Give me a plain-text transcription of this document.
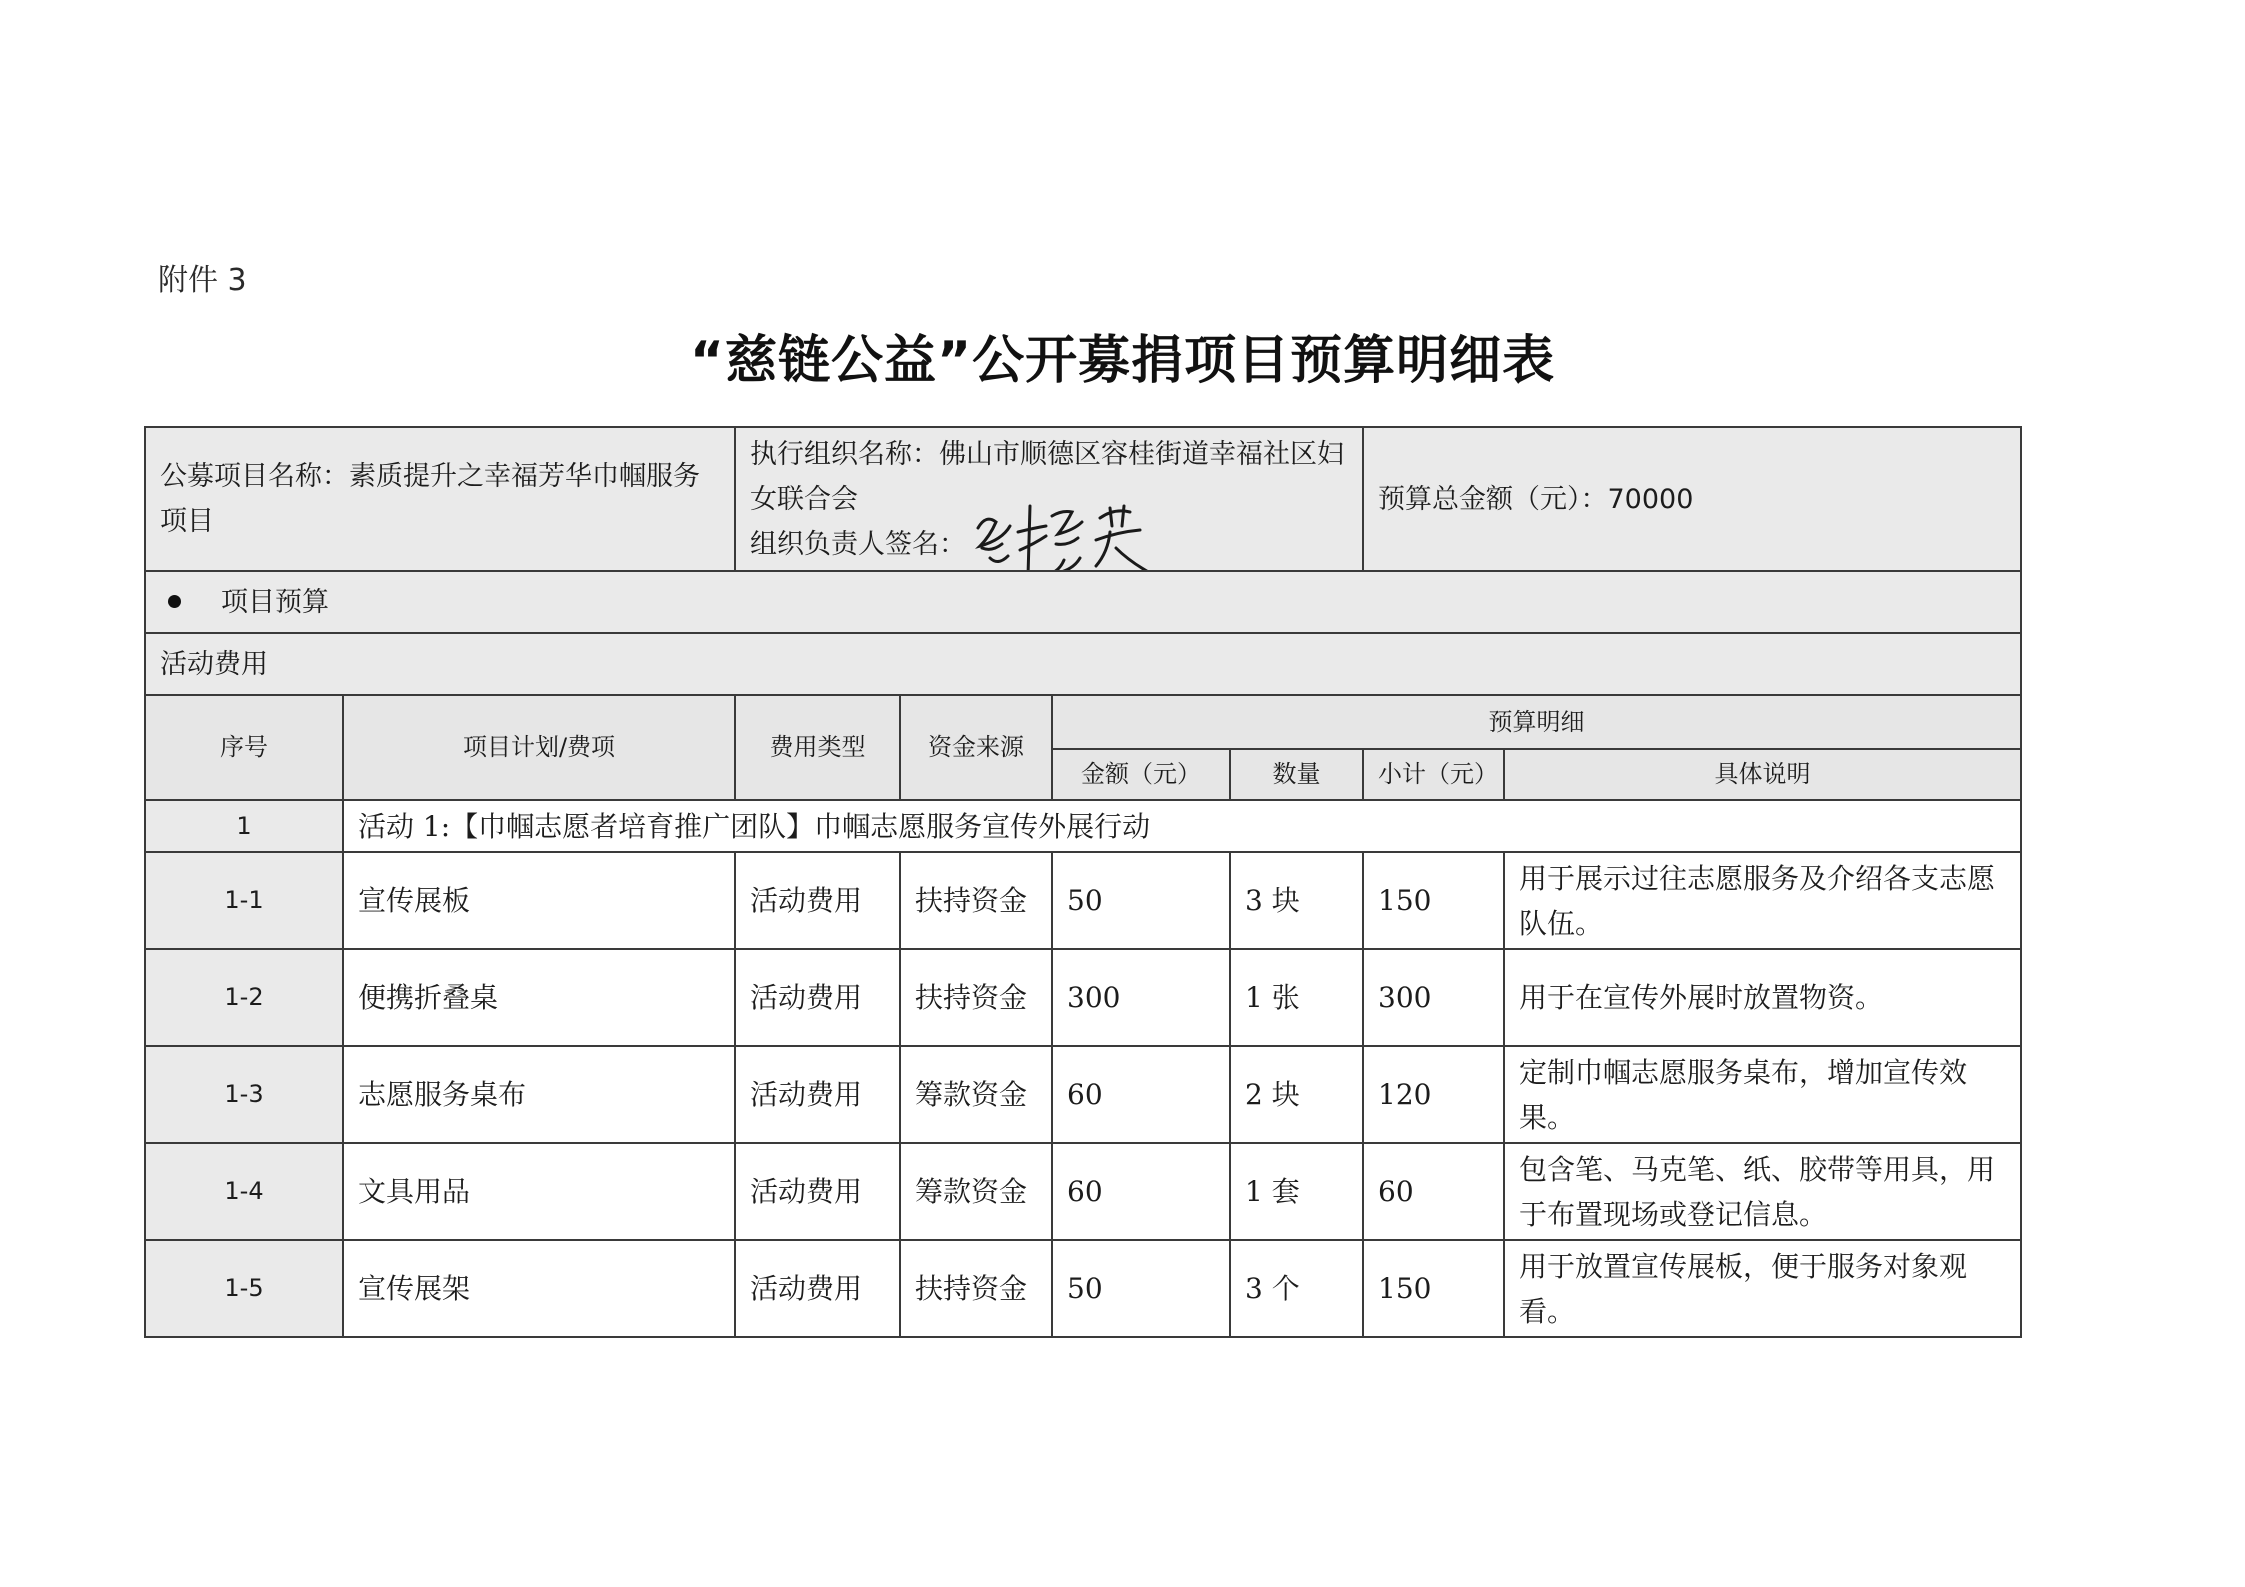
附件 3
“慈链公益”公开募捐项目预算明细表
公募项目名称：素质提升之幸福芳华巾帼服务项目		执行组织名称：佛山市顺德区容桂街道幸福社区妇女联合会
组织负责人签名：				预算总金额（元）：70000	
项目预算							
活动费用							
序号	项目计划/费项	费用类型	资金来源	预算明细			
				金额（元）	数量	小计（元）	具体说明
1	活动 1:【巾帼志愿者培育推广团队】巾帼志愿服务宣传外展行动						
1-1	宣传展板	活动费用	扶持资金	50	3 块	150	用于展示过往志愿服务及介绍各支志愿队伍。
1-2	便携折叠桌	活动费用	扶持资金	300	1 张	300	用于在宣传外展时放置物资。
1-3	志愿服务桌布	活动费用	筹款资金	60	2 块	120	定制巾帼志愿服务桌布，增加宣传效果。
1-4	文具用品	活动费用	筹款资金	60	1 套	60	包含笔、马克笔、纸、胶带等用具，用于布置现场或登记信息。
1-5	宣传展架	活动费用	扶持资金	50	3 个	150	用于放置宣传展板，便于服务对象观看。
